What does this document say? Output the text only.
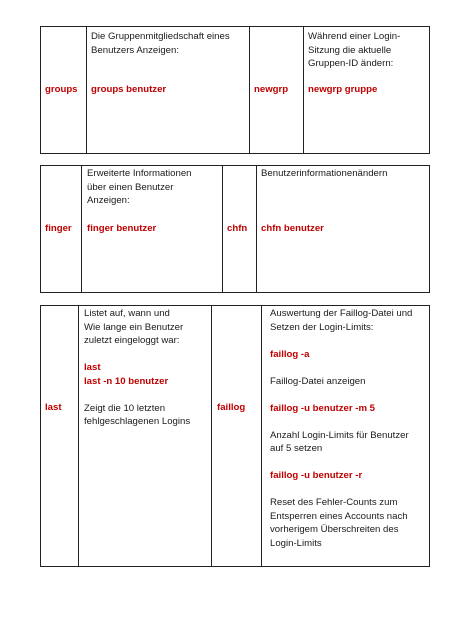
groups
Die Gruppenmitgliedschaft eines
Benutzers Anzeigen:
groups benutzer	newgrp
Während einer Login-
Sitzung die aktuelle
Gruppen-ID ändern:
newgrp gruppe
finger
Erweiterte Informationen
über einen Benutzer
Anzeigen:
finger benutzer	chfn
Benutzerinformationenändern
chfn benutzer
last
Listet auf, wann und
Wie lange ein Benutzer
zuletzt eingeloggt war:
last
last -n 10 benutzer
Zeigt die 10 letzten
fehlgeschlagenen Logins
faillog
Auswertung der Faillog-Datei und
Setzen der Login-Limits:
faillog -a
Faillog-Datei anzeigen
faillog -u benutzer -m 5
Anzahl Login-Limits für Benutzer
auf 5 setzen
faillog -u benutzer -r
Reset des Fehler-Counts zum
Entsperren eines Accounts nach
vorherigem Überschreiten des
Login-Limits
